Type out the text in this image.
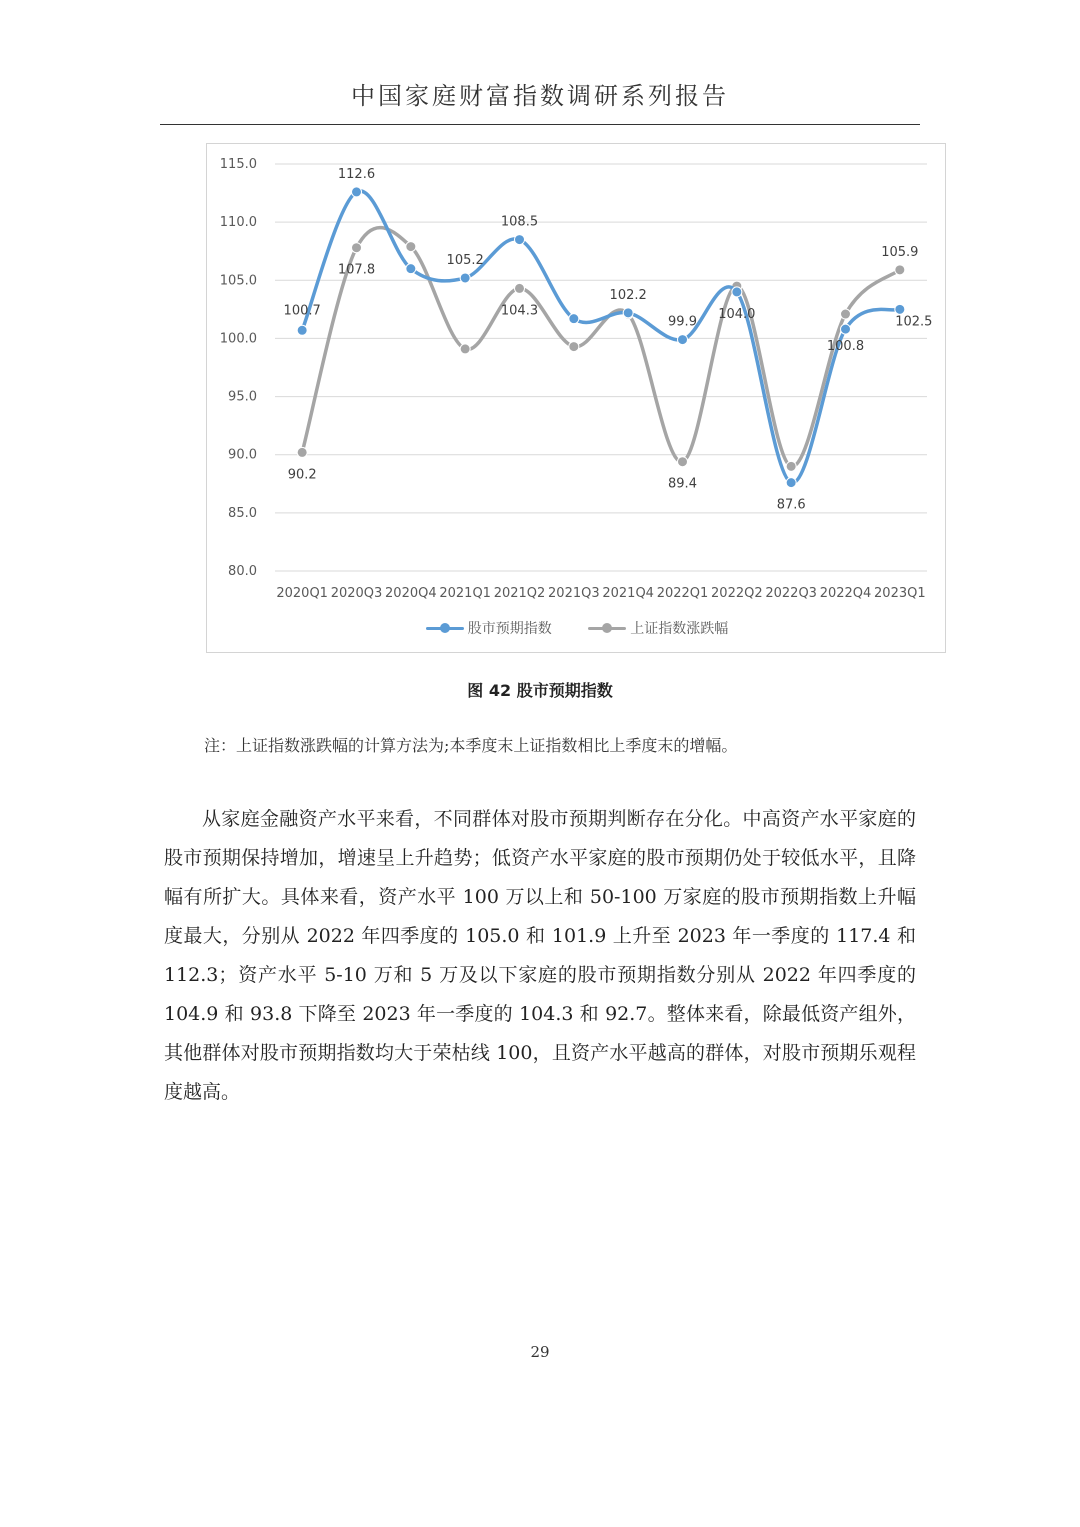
中国家庭财富指数调研系列报告
80.0
85.0
90.0
95.0
100.0
105.0
110.0
115.0
2020Q1 2020Q3 2020Q4 2021Q1 2021Q2 2021Q3 2021Q4 2022Q1 2022Q2 2022Q3 2022Q4 2023Q1
100.7
112.6
105.2
108.5
102.2
99.9
104.0
87.6
100.8
102.5
90.2
107.8
104.3
89.4
105.9
股市预期指数
	上证指数涨跌幅
图 42 股市预期指数
注：上证指数涨跌幅的计算方法为;本季度末上证指数相比上季度末的增幅。

从家庭金融资产水平来看，不同群体对股市预期判断存在分化。中高资产水平家庭的股市预期保持增加，增速呈上升趋势；低资产水平家庭的股市预期仍处于较低水平，且降幅有所扩大。具体来看，资产水平 100 万以上和 50-100 万家庭的股市预期指数上升幅度最大，分别从 2022 年四季度的 105.0 和 101.9 上升至 2023 年一季度的 117.4 和 112.3；资产水平 5-10 万和 5 万及以下家庭的股市预期指数分别从 2022 年四季度的 104.9 和 93.8 下降至 2023 年一季度的 104.3 和 92.7。整体来看，除最低资产组外，其他群体对股市预期指数均大于荣枯线 100，且资产水平越高的群体，对股市预期乐观程度越高。

29
